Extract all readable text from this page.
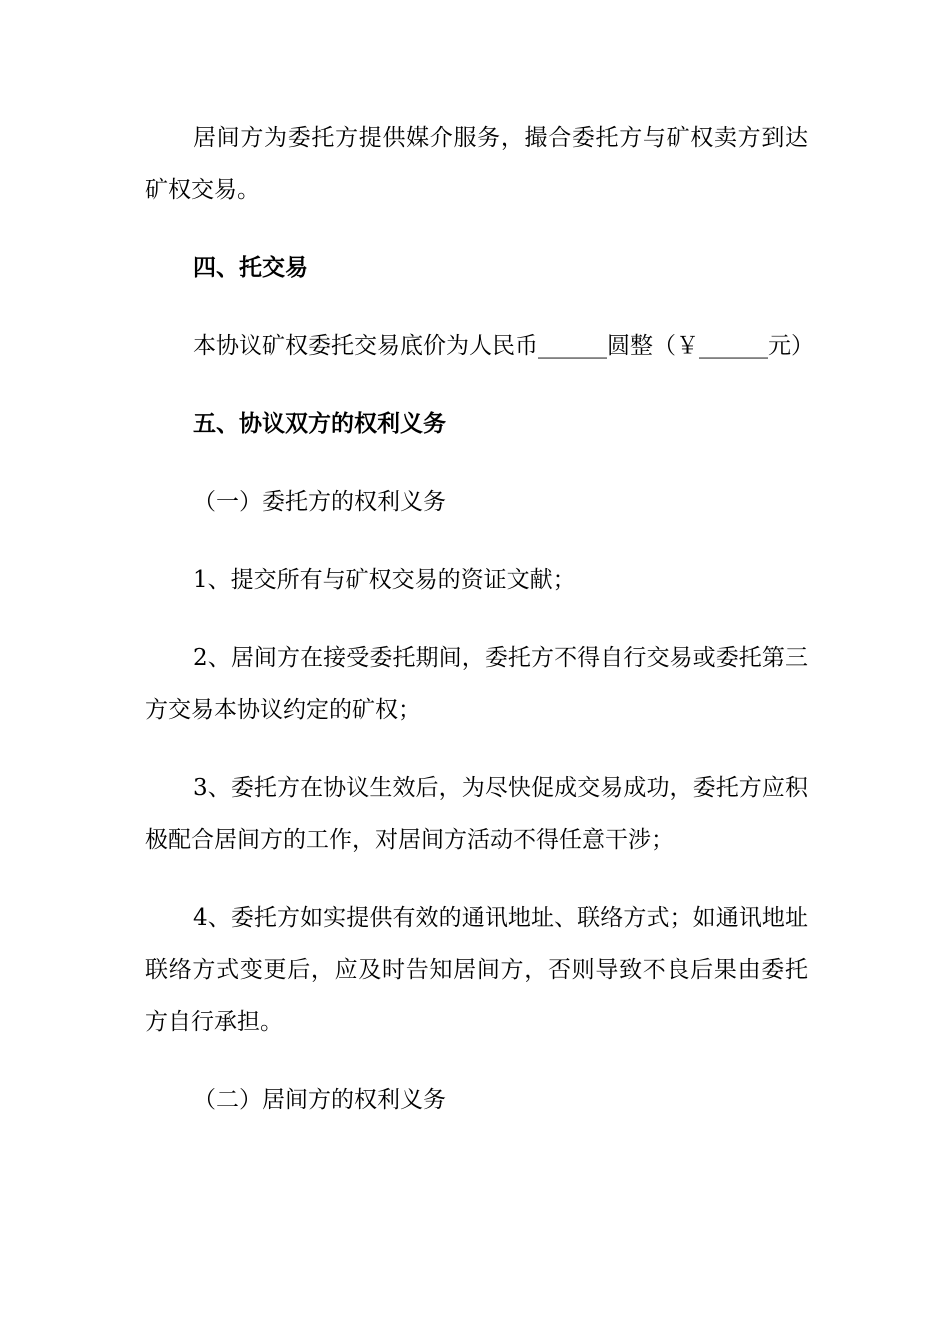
居间方为委托方提供媒介服务，撮合委托方与矿权卖方到达矿权交易。

四、托交易

本协议矿权委托交易底价为人民币______圆整（￥______元）

五、协议双方的权利义务

（一）委托方的权利义务

1、提交所有与矿权交易的资证文献；

2、居间方在接受委托期间，委托方不得自行交易或委托第三方交易本协议约定的矿权；

3、委托方在协议生效后，为尽快促成交易成功，委托方应积极配合居间方的工作，对居间方活动不得任意干涉；

4、委托方如实提供有效的通讯地址、联络方式；如通讯地址联络方式变更后，应及时告知居间方，否则导致不良后果由委托方自行承担。

（二）居间方的权利义务
